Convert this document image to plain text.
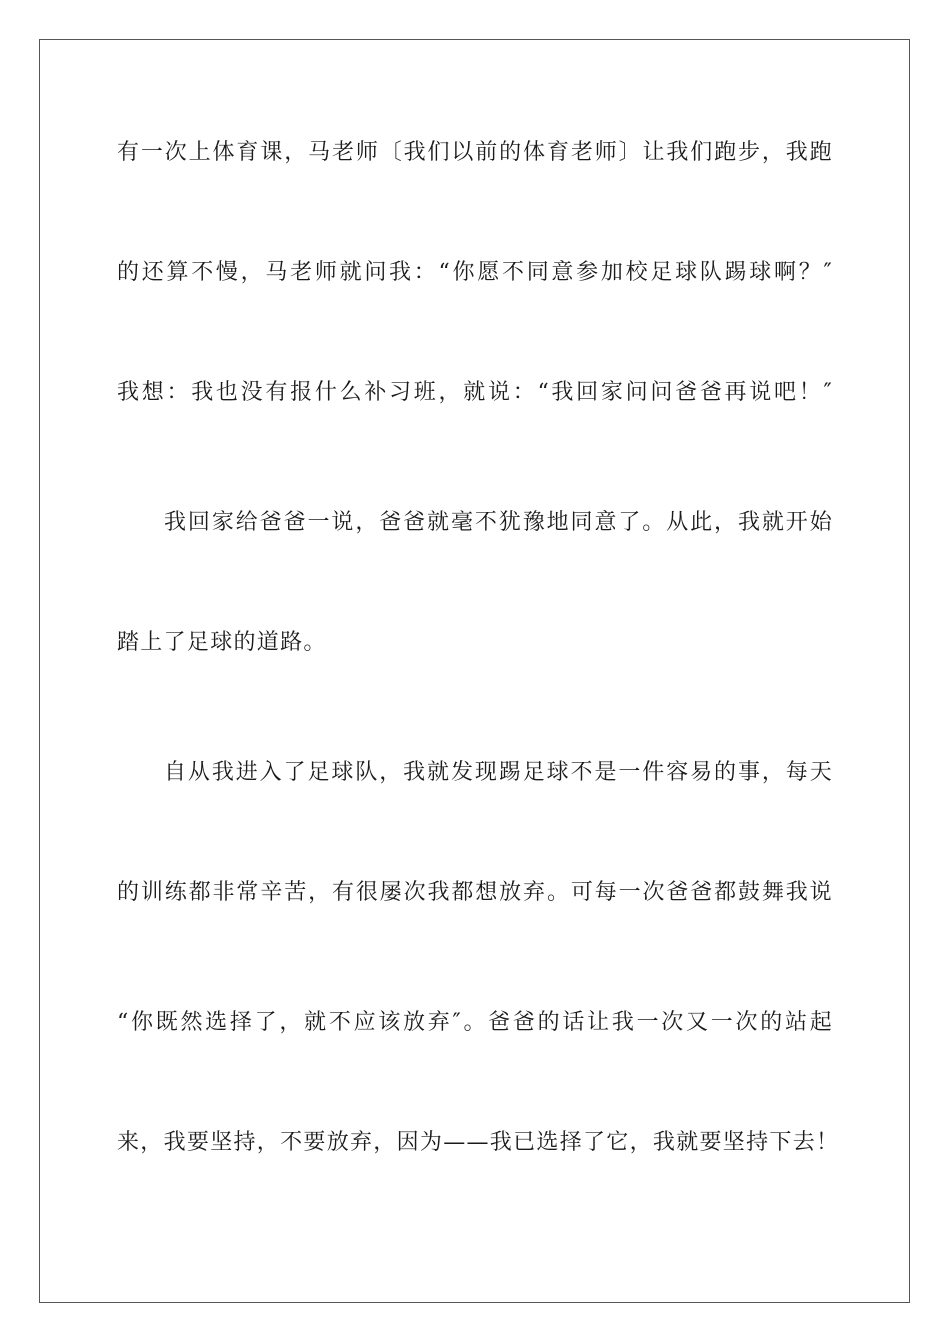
有一次上体育课，马老师〔我们以前的体育老师〕让我们跑步，我跑
的还算不慢，马老师就问我：“你愿不同意参加校足球队踢球啊？″
我想：我也没有报什么补习班，就说：“我回家问问爸爸再说吧！″
我回家给爸爸一说，爸爸就毫不犹豫地同意了。从此，我就开始
踏上了足球的道路。
自从我进入了足球队，我就发现踢足球不是一件容易的事，每天
的训练都非常辛苦，有很屡次我都想放弃。可每一次爸爸都鼓舞我说
“你既然选择了，就不应该放弃″。爸爸的话让我一次又一次的站起
来，我要坚持，不要放弃，因为——我已选择了它，我就要坚持下去！
